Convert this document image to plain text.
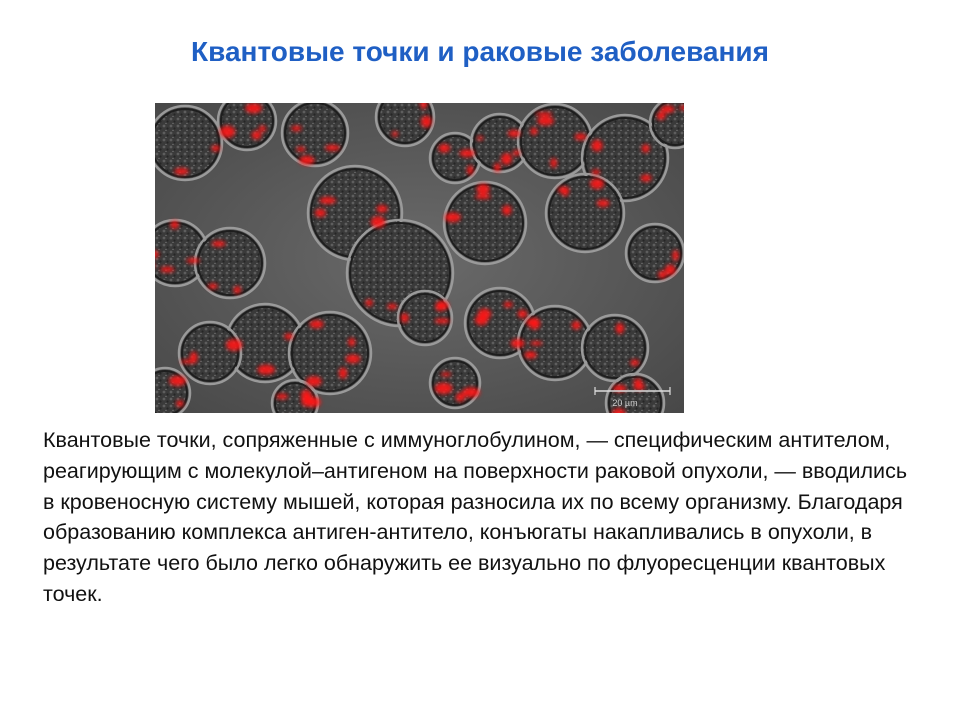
Квантовые точки и раковые заболевания
20 µm

Квантовые точки, сопряженные с иммуноглобулином, — специфическим антителом, реагирующим с молекулой–антигеном на поверхности раковой опухоли, — вводились в кровеносную систему мышей, которая разносила их по всему организму. Благодаря образованию комплекса антиген-антитело, конъюгаты накапливались в опухоли, в результате чего было легко обнаружить ее визуально по флуоресценции квантовых точек.
